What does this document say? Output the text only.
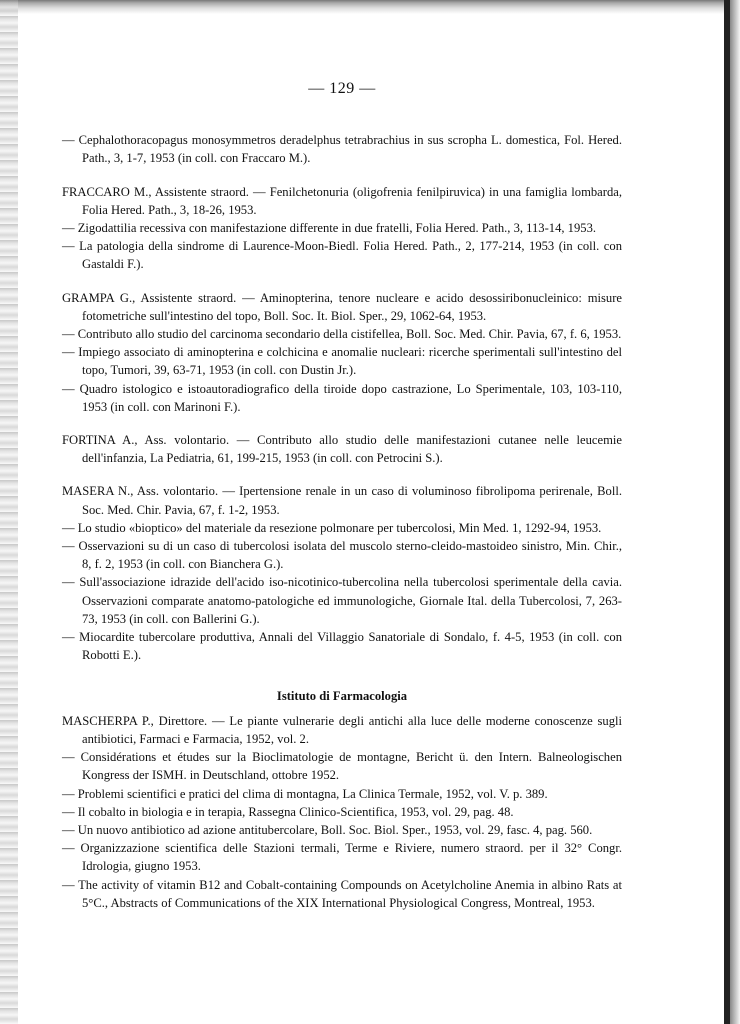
— 129 —
— Cephalothoracopagus monosymmetros deradelphus tetrabrachius in sus scropha L. domestica, Fol. Hered. Path., 3, 1-7, 1953 (in coll. con Fraccaro M.).
FRACCARO M., Assistente straord. — Fenilchetonuria (oligofrenia fenilpiruvica) in una famiglia lombarda, Folia Hered. Path., 3, 18-26, 1953.
— Zigodattilia recessiva con manifestazione differente in due fratelli, Folia Hered. Path., 3, 113-14, 1953.
— La patologia della sindrome di Laurence-Moon-Biedl. Folia Hered. Path., 2, 177-214, 1953 (in coll. con Gastaldi F.).
GRAMPA G., Assistente straord. — Aminopterina, tenore nucleare e acido desossiribonucleinico: misure fotometriche sull'intestino del topo, Boll. Soc. It. Biol. Sper., 29, 1062-64, 1953.
— Contributo allo studio del carcinoma secondario della cistifellea, Boll. Soc. Med. Chir. Pavia, 67, f. 6, 1953.
— Impiego associato di aminopterina e colchicina e anomalie nucleari: ricerche sperimentali sull'intestino del topo, Tumori, 39, 63-71, 1953 (in coll. con Dustin Jr.).
— Quadro istologico e istoautoradiografico della tiroide dopo castrazione, Lo Sperimentale, 103, 103-110, 1953 (in coll. con Marinoni F.).
FORTINA A., Ass. volontario. — Contributo allo studio delle manifestazioni cutanee nelle leucemie dell'infanzia, La Pediatria, 61, 199-215, 1953 (in coll. con Petrocini S.).
MASERA N., Ass. volontario. — Ipertensione renale in un caso di voluminoso fibrolipoma perirenale, Boll. Soc. Med. Chir. Pavia, 67, f. 1-2, 1953.
— Lo studio «bioptico» del materiale da resezione polmonare per tubercolosi, Min Med. 1, 1292-94, 1953.
— Osservazioni su di un caso di tubercolosi isolata del muscolo sterno-cleido-mastoideo sinistro, Min. Chir., 8, f. 2, 1953 (in coll. con Bianchera G.).
— Sull'associazione idrazide dell'acido iso-nicotinico-tubercolina nella tubercolosi sperimentale della cavia. Osservazioni comparate anatomo-patologiche ed immunologiche, Giornale Ital. della Tubercolosi, 7, 263-73, 1953 (in coll. con Ballerini G.).
— Miocardite tubercolare produttiva, Annali del Villaggio Sanatoriale di Sondalo, f. 4-5, 1953 (in coll. con Robotti E.).
Istituto di Farmacologia
MASCHERPA P., Direttore. — Le piante vulnerarie degli antichi alla luce delle moderne conoscenze sugli antibiotici, Farmaci e Farmacia, 1952, vol. 2.
— Considérations et études sur la Bioclimatologie de montagne, Bericht ü. den Intern. Balneologischen Kongress der ISMH. in Deutschland, ottobre 1952.
— Problemi scientifici e pratici del clima di montagna, La Clinica Termale, 1952, vol. V. p. 389.
— Il cobalto in biologia e in terapia, Rassegna Clinico-Scientifica, 1953, vol. 29, pag. 48.
— Un nuovo antibiotico ad azione antitubercolare, Boll. Soc. Biol. Sper., 1953, vol. 29, fasc. 4, pag. 560.
— Organizzazione scientifica delle Stazioni termali, Terme e Riviere, numero straord. per il 32° Congr. Idrologia, giugno 1953.
— The activity of vitamin B12 and Cobalt-containing Compounds on Acetylcholine Anemia in albino Rats at 5°C., Abstracts of Communications of the XIX International Physiological Congress, Montreal, 1953.
